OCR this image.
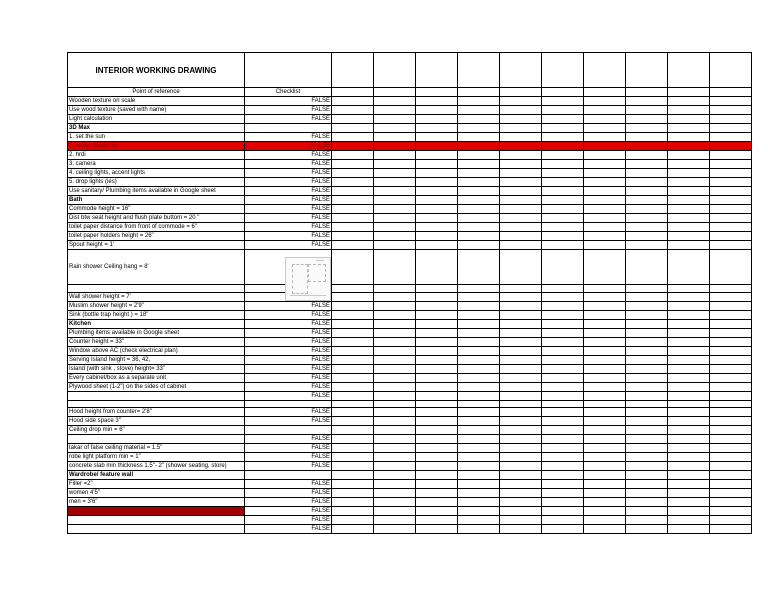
INTERIOR WORKING DRAWING											
Point of reference	Checklist										
Wooden texture on scale	FALSE										
Use wood texture (saved with name)	FALSE										
Light calculation	FALSE										
3D Max											
1. set the sun	FALSE										
2.Assign Materials	FALSE										
2. hrdi	FALSE										
3. camera	FALSE										
4. ceiling lights, accent lights	FALSE										
5. drop lights (ies)	FALSE										
Use sanitary/ Plumbing items available in Google sheet	FALSE										
Bath	FALSE										
Commode height = 16"	FALSE										
Dist btw seat height and flush plate buttom = 20 "	FALSE										
toilet paper distance from front of commode = 6"	FALSE										
toilet paper holders height = 26"	FALSE										
Spout height = 1'	FALSE										
Rain shower Ceiling hang = 8'											

Wall shower height = 7'											
Muslim shower height = 2'9"	FALSE										
Sink (bottle trap height ) = 18"	FALSE										
Kitchen	FALSE										
Plumbing items available in Google sheet	FALSE										
Counter height = 33"	FALSE										
Window above AC (check electrical plan)	FALSE										
Serving Island height = 36, 42,	FALSE										
Island (with sink , stove) height= 33"	FALSE										
Every cabinet/box as a separate unit	FALSE										
Plywood sheet (1-2") on the sides of cabinet	FALSE										
	FALSE										

Hood height from counter= 2'8"	FALSE										
Hood side space 3"	FALSE										
Ceiling drop min = 6"											
	FALSE										
takar of false ceiling material = 1.5"	FALSE										
robe light platform min = 1"	FALSE										
concrete slab min thickness 1.5"- 2" (shower seating, store)	FALSE										
Wardrobe/ feature wall											
Filler =2"	FALSE										
women 4'5"	FALSE										
men = 3'6"	FALSE										
	FALSE										
	FALSE										
	FALSE										
